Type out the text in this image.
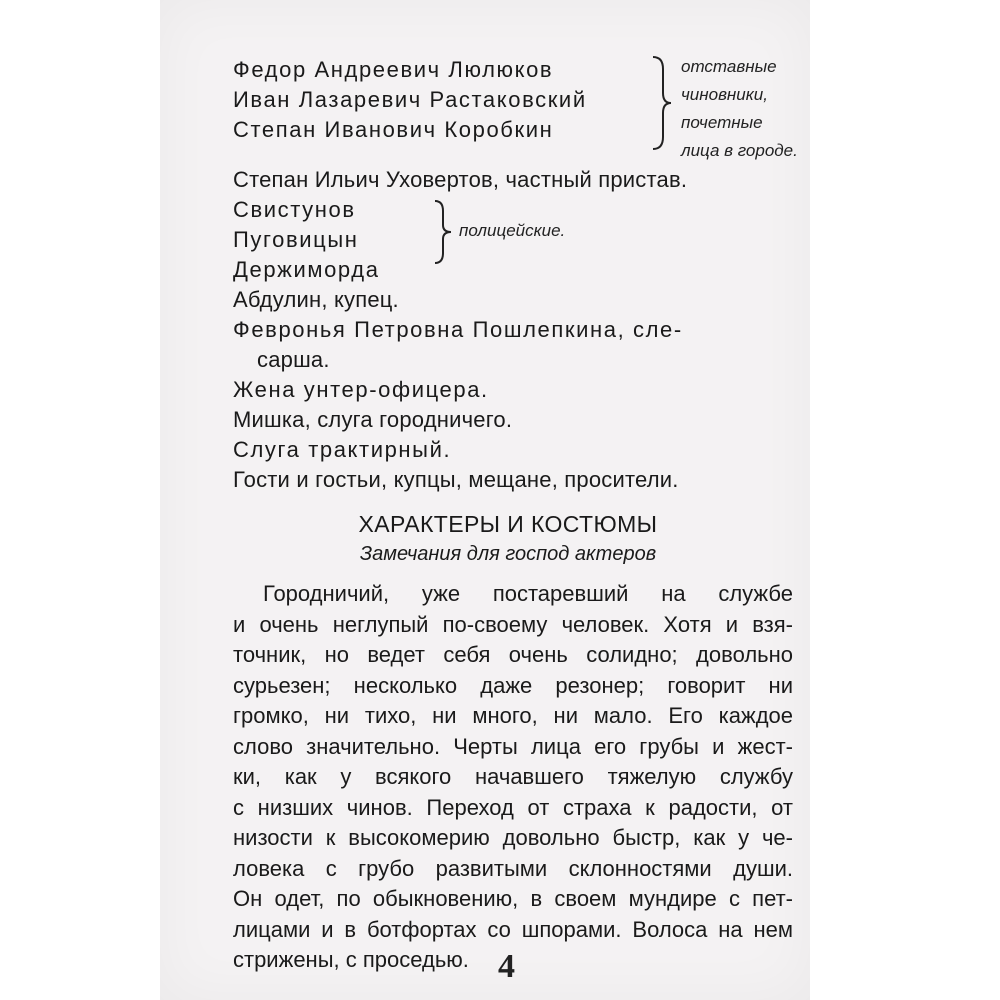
Федор Андреевич Люлюков
Иван Лазаревич Растаковский
Степан Иванович Коробкин
отставные
чиновники,
почетные
лица в городе.
Степан Ильич Уховертов, частный пристав.
Свистунов
Пуговицын
Держиморда
полицейские.
Абдулин, купец.
Февронья Петровна Пошлепкина, сле-
сарша.
Жена унтер-офицера.
Мишка, слуга городничего.
Слуга трактирный.
Гости и гостьи, купцы, мещане, просители.
ХАРАКТЕРЫ И КОСТЮМЫ
Замечания для господ актеров
Городничий, уже постаревший на службе
и очень неглупый по-своему человек. Хотя и взя-
точник, но ведет себя очень солидно; довольно
сурьезен; несколько даже резонер; говорит ни
громко, ни тихо, ни много, ни мало. Его каждое
слово значительно. Черты лица его грубы и жест-
ки, как у всякого начавшего тяжелую службу
с низших чинов. Переход от страха к радости, от
низости к высокомерию довольно быстр, как у че-
ловека с грубо развитыми склонностями души.
Он одет, по обыкновению, в своем мундире с пет-
лицами и в ботфортах со шпорами. Волоса на нем
стрижены, с проседью. 4
